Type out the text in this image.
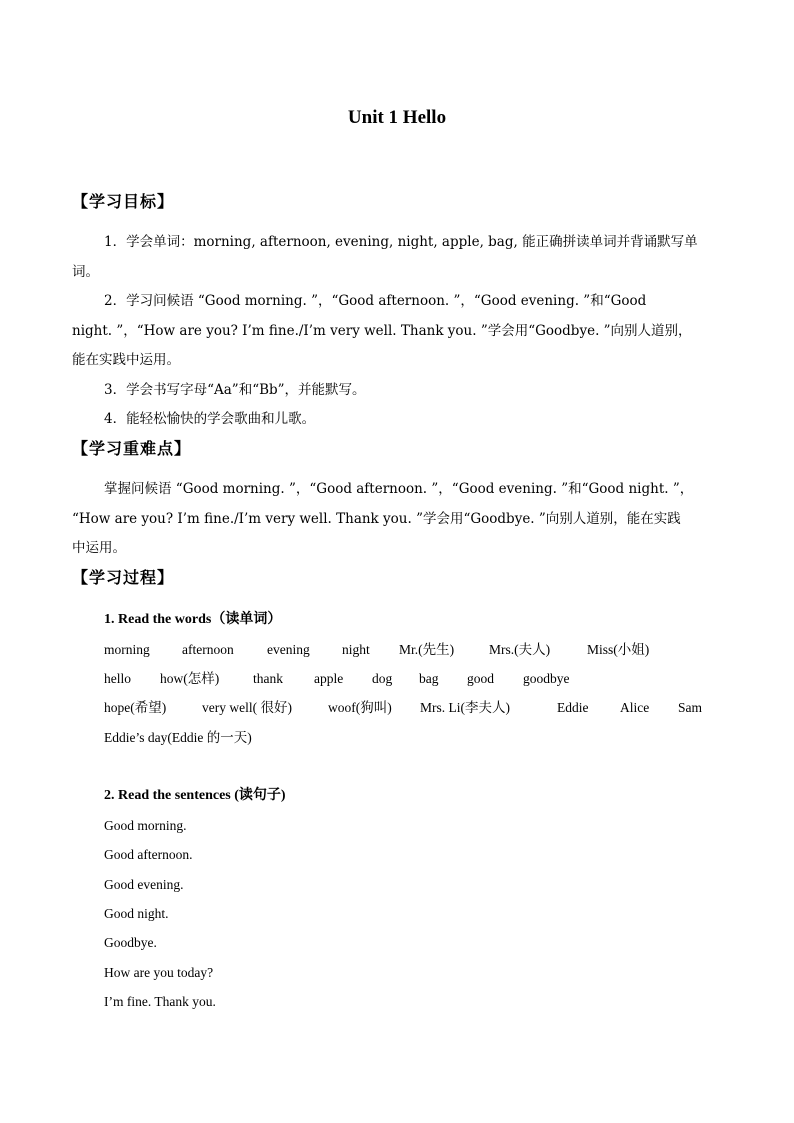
Unit 1 Hello
【学习目标】
1．学会单词：morning, afternoon, evening, night, apple, bag, 能正确拼读单词并背诵默写单
词。
2．学习问候语 “Good morning. ”，“Good afternoon. ”，“Good evening. ”和“Good
night. ”，“How are you? I’m fine./I’m very well. Thank you. ”学会用“Goodbye. ”向别人道别，
能在实践中运用。
3．学会书写字母“Aa”和“Bb”，并能默写。
4．能轻松愉快的学会歌曲和儿歌。
【学习重难点】
掌握问候语 “Good morning. ”，“Good afternoon. ”，“Good evening. ”和“Good night. ”，
“How are you? I’m fine./I’m very well. Thank you. ”学会用“Goodbye. ”向别人道别，能在实践
中运用。
【学习过程】
1. Read the words（读单词）
morning afternoon evening night Mr.(先生)	Mrs.(夫人)	Miss(小姐)
hello how(怎样)	thank apple dog bag good goodbye
hope(希望)	very well( 很好)	woof(狗叫) Mrs. Li(李夫人)	Eddie Alice Sam
Eddie’s day(Eddie 的一天)
2. Read the sentences (读句子)
Good morning.
Good afternoon.
Good evening.
Good night.
Goodbye.
How are you today?
I’m fine. Thank you.
